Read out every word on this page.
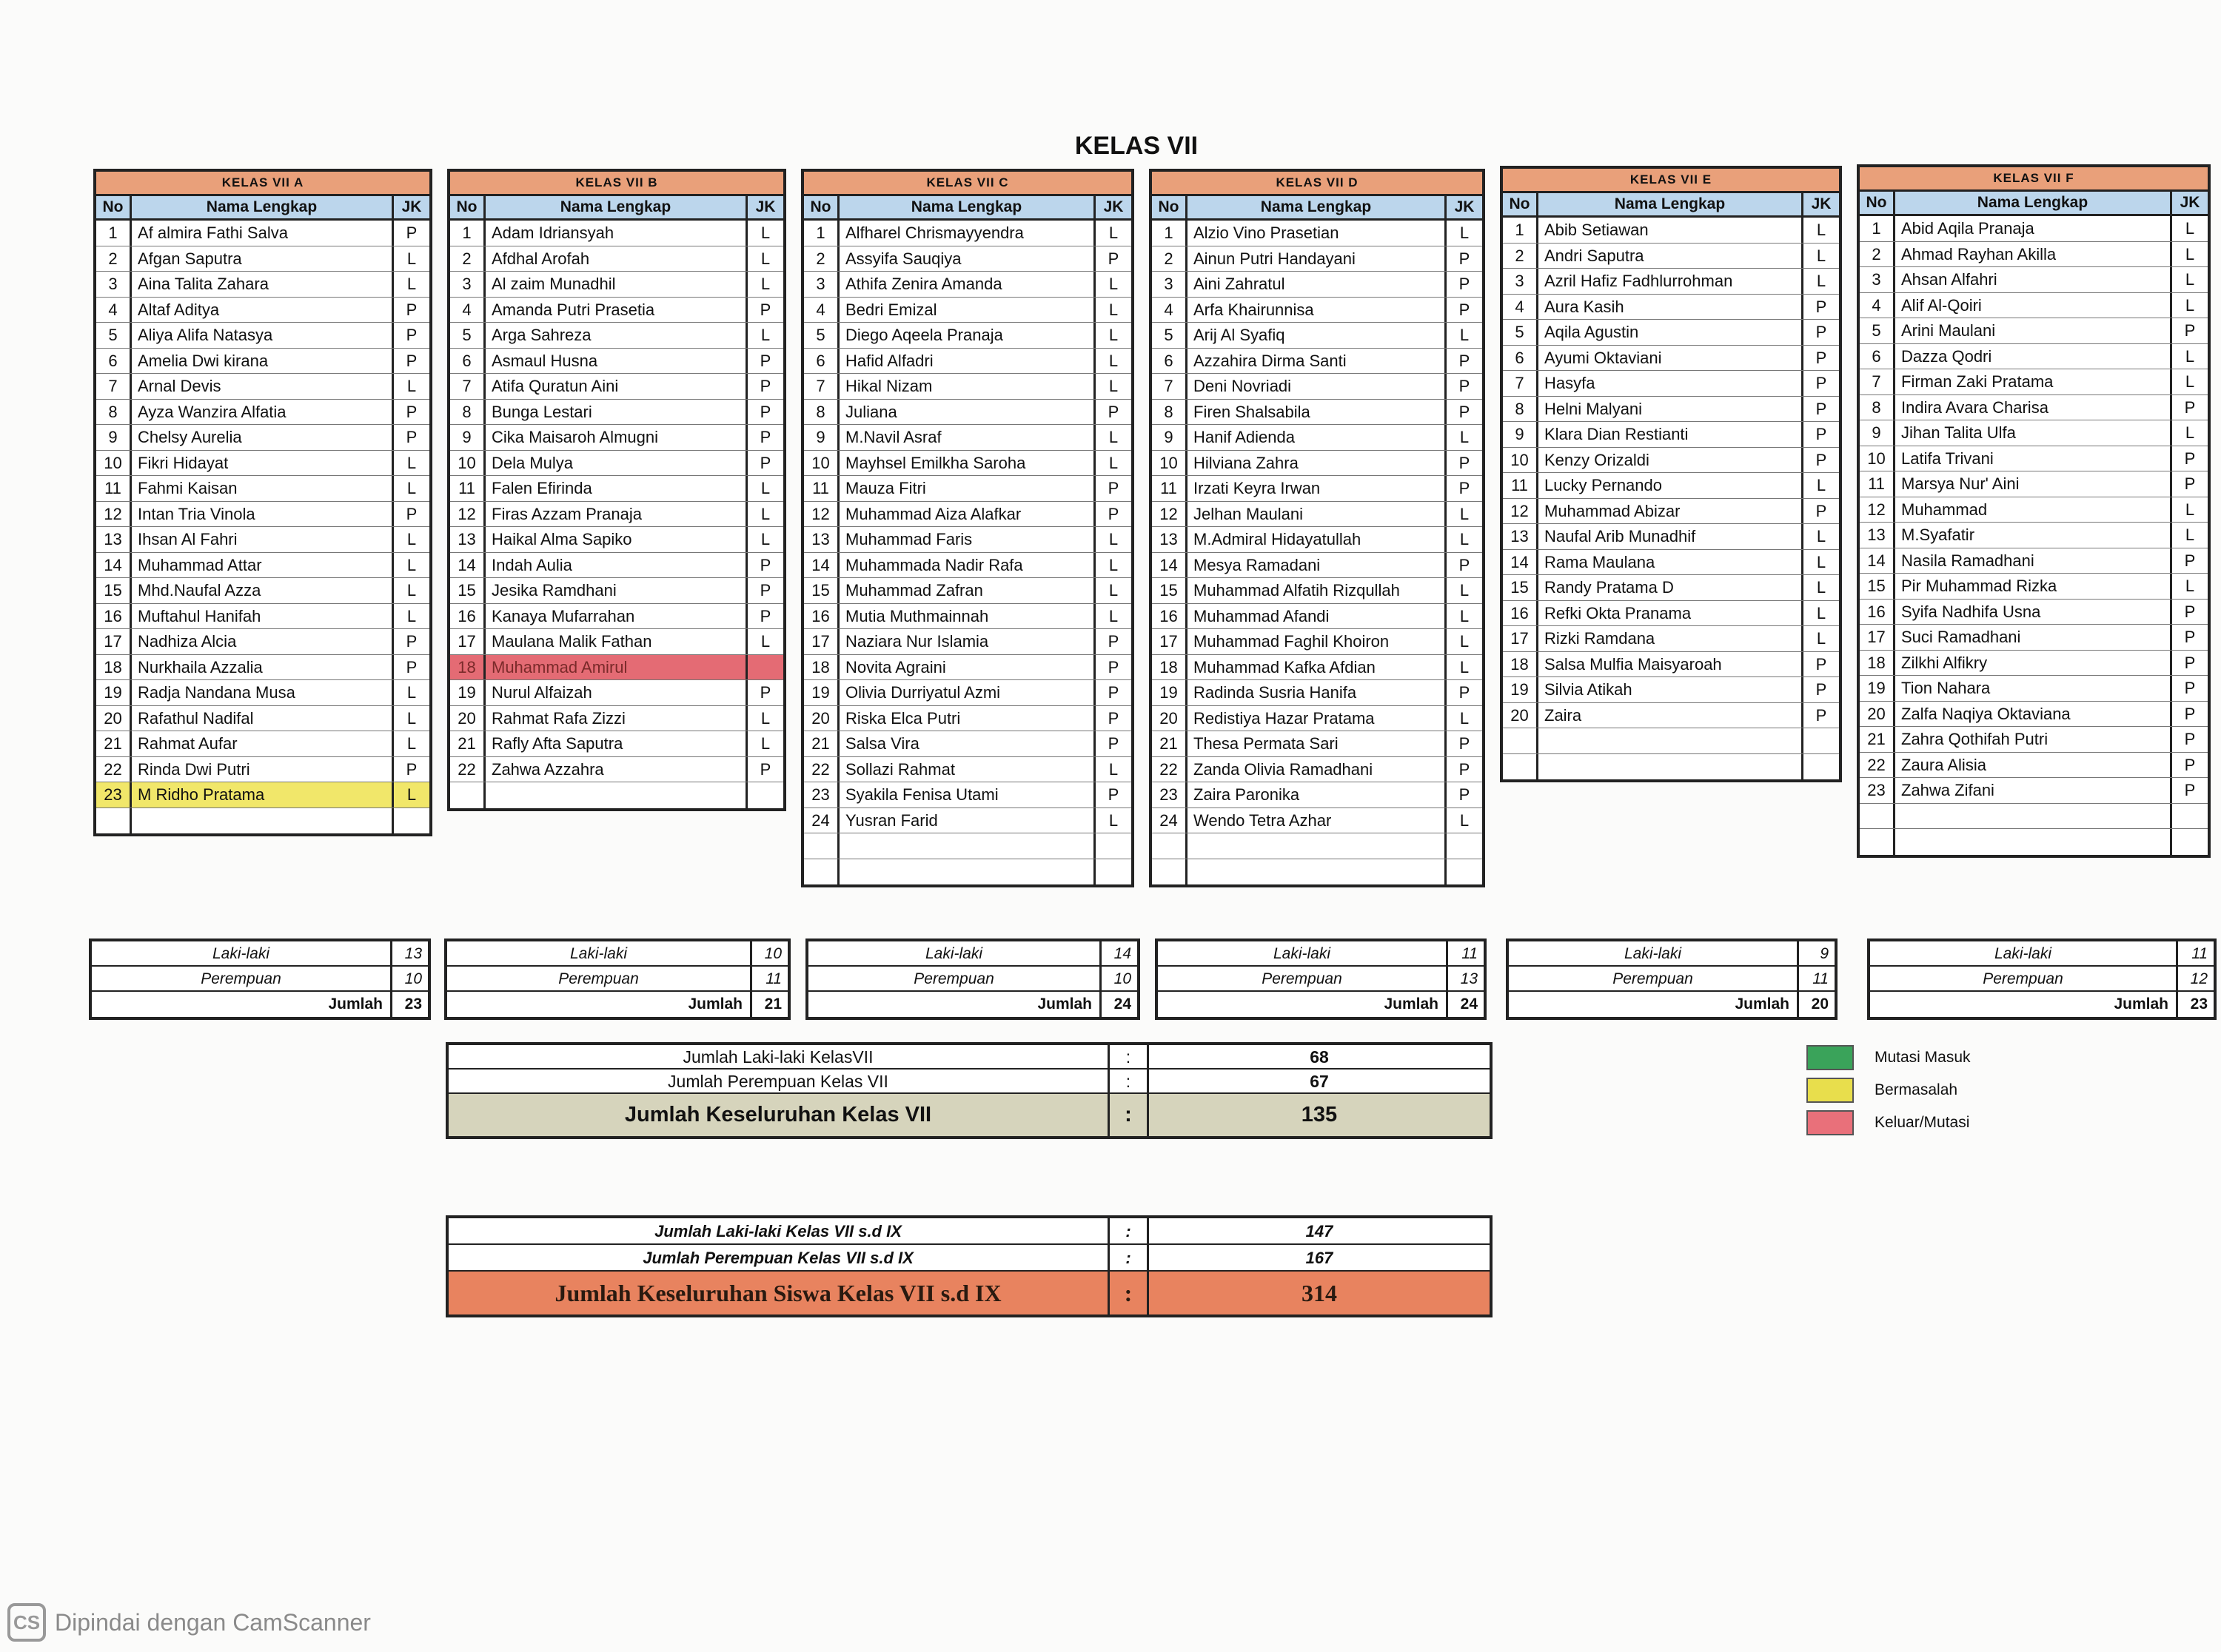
KELAS VII
KELAS VII A
No	Nama Lengkap	JK
1	Af almira Fathi Salva	P
2	Afgan Saputra	L
3	Aina Talita Zahara	L
4	Altaf Aditya	P
5	Aliya Alifa Natasya	P
6	Amelia Dwi kirana	P
7	Arnal Devis	L
8	Ayza Wanzira Alfatia	P
9	Chelsy Aurelia	P
10 Fikri Hidayat	L
11	Fahmi Kaisan	L
12 Intan Tria Vinola	P
13 Ihsan Al Fahri	L
14 Muhammad Attar	L
15 Mhd.Naufal Azza	L
16 Muftahul Hanifah	L
17 Nadhiza Alcia	P
18 Nurkhaila Azzalia	P
19 Radja Nandana Musa	L
20 Rafathul Nadifal	L
21 Rahmat Aufar	L
22 Rinda Dwi Putri	P
23 M Ridho Pratama	L
Laki-laki	13
Perempuan	10
Jumlah	23
KELAS VII B
No	Nama Lengkap	JK
1	Adam Idriansyah	L
2	Afdhal Arofah	L
3	Al zaim Munadhil	L
4	Amanda Putri Prasetia	P
5	Arga Sahreza	L
6	Asmaul Husna	P
7	Atifa Quratun Aini	P
8	Bunga Lestari	P
9	Cika Maisaroh Almugni	P
10 Dela Mulya	P
11	Falen Efirinda	L
12 Firas Azzam Pranaja	L
13 Haikal Alma Sapiko	L
14 Indah Aulia	P
15 Jesika Ramdhani	P
16 Kanaya Mufarrahan	P
17 Maulana Malik Fathan	L
18 Muhammad Amirul
19 Nurul Alfaizah	P
20 Rahmat Rafa Zizzi	L
21 Rafly Afta Saputra	L
22 Zahwa Azzahra	P
Laki-laki	10
Perempuan	11
Jumlah	21
KELAS VII C
No	Nama Lengkap	JK
1	Alfharel Chrismayyendra	L
2	Assyifa Sauqiya	P
3	Athifa Zenira Amanda	L
4	Bedri Emizal	L
5	Diego Aqeela Pranaja	L
6	Hafid Alfadri	L
7	Hikal Nizam	L
8	Juliana	P
9	M.Navil Asraf	L
10 Mayhsel Emilkha Saroha	L
11	Mauza Fitri	P
12 Muhammad Aiza Alafkar	P
13 Muhammad Faris	L
14 Muhammada Nadir Rafa	L
15 Muhammad Zafran	L
16 Mutia Muthmainnah	L
17 Naziara Nur Islamia	P
18 Novita Agraini	P
19 Olivia Durriyatul Azmi	P
20 Riska Elca Putri	P
21 Salsa Vira	P
22 Sollazi Rahmat	L
23 Syakila Fenisa Utami	P
24 Yusran Farid	L
Laki-laki	14
Perempuan	10
Jumlah	24
KELAS VII D
No	Nama Lengkap	JK
1	Alzio Vino Prasetian	L
2	Ainun Putri Handayani	P
3	Aini Zahratul	P
4	Arfa Khairunnisa	P
5	Arij Al Syafiq	L
6	Azzahira Dirma Santi	P
7	Deni Novriadi	P
8	Firen Shalsabila	P
9	Hanif Adienda	L
10 Hilviana Zahra	P
11	Irzati Keyra Irwan	P
12 Jelhan Maulani	L
13 M.Admiral Hidayatullah	L
14 Mesya Ramadani	P
15 Muhammad Alfatih Rizqullah	L
16 Muhammad Afandi	L
17 Muhammad Faghil Khoiron	L
18 Muhammad Kafka Afdian	L
19 Radinda Susria Hanifa	P
20 Redistiya Hazar Pratama	L
21 Thesa Permata Sari	P
22 Zanda Olivia Ramadhani	P
23 Zaira Paronika	P
24 Wendo Tetra Azhar	L
Laki-laki	11
Perempuan	13
Jumlah	24
KELAS VII E
No	Nama Lengkap	JK
1	Abib Setiawan	L
2	Andri Saputra	L
3	Azril Hafiz Fadhlurrohman	L
4	Aura Kasih	P
5	Aqila Agustin	P
6	Ayumi Oktaviani	P
7	Hasyfa	P
8	Helni Malyani	P
9	Klara Dian Restianti	P
10 Kenzy Orizaldi	P
11	Lucky Pernando	L
12 Muhammad Abizar	P
13 Naufal Arib Munadhif	L
14 Rama Maulana	L
15 Randy Pratama D	L
16 Refki Okta Pranama	L
17 Rizki Ramdana	L
18 Salsa Mulfia Maisyaroah	P
19 Silvia Atikah	P
20 Zaira	P
Laki-laki	9
Perempuan	11
Jumlah	20
KELAS VII F
No	Nama Lengkap	JK
1	Abid Aqila Pranaja	L
2	Ahmad Rayhan Akilla	L
3	Ahsan Alfahri	L
4	Alif Al-Qoiri	L
5	Arini Maulani	P
6	Dazza Qodri	L
7	Firman Zaki Pratama	L
8	Indira Avara Charisa	P
9	Jihan Talita Ulfa	L
10 Latifa Trivani	P
11	Marsya Nur' Aini	P
12 Muhammad	L
13 M.Syafatir	L
14 Nasila Ramadhani	P
15 Pir Muhammad Rizka	L
16 Syifa Nadhifa Usna	P
17 Suci Ramadhani	P
18 Zilkhi Alfikry	P
19 Tion Nahara	P
20 Zalfa Naqiya Oktaviana	P
21 Zahra Qothifah Putri	P
22 Zaura Alisia	P
23 Zahwa Zifani	P
Laki-laki	11
Perempuan	12
Jumlah	23
Jumlah Laki-laki KelasVII	:	68
Jumlah Perempuan Kelas VII	:	67
Jumlah Keseluruhan Kelas VII	:	135
Jumlah Laki-laki Kelas VII s.d IX	:	147
Jumlah Perempuan Kelas VII s.d IX	:	167
Jumlah Keseluruhan Siswa Kelas VII s.d IX	:	314
Mutasi Masuk
Bermasalah
Keluar/Mutasi
CS Dipindai dengan CamScanner
